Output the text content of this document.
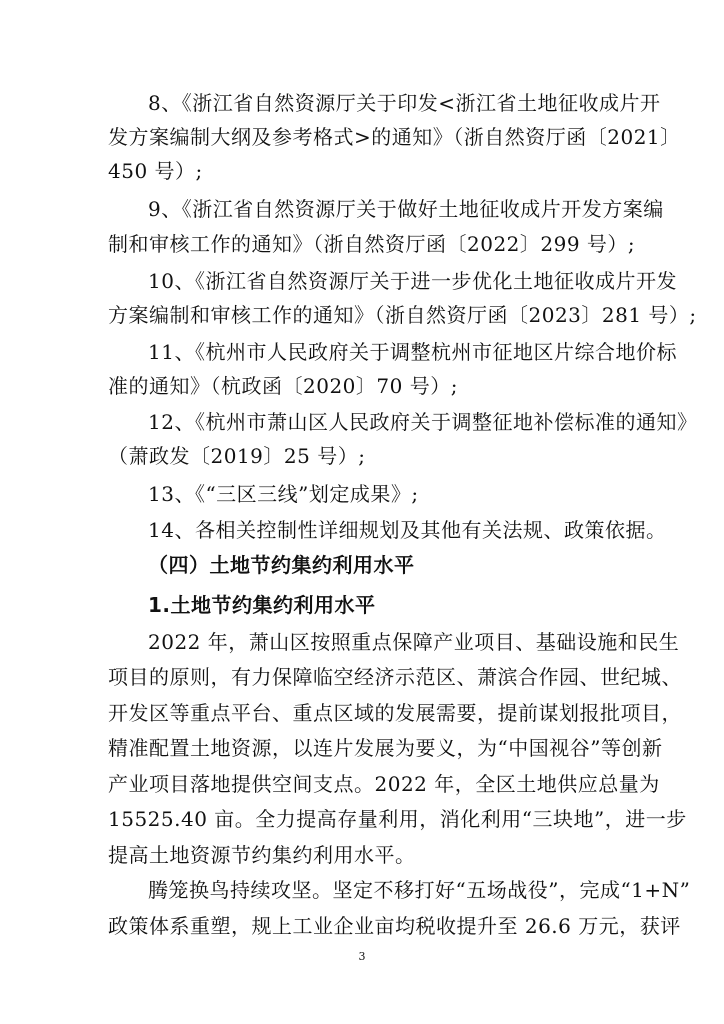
8、《浙江省自然资源厅关于印发<浙江省土地征收成片开
发方案编制大纲及参考格式>的通知》（浙自然资厅函〔2021〕
450 号）;
9、《浙江省自然资源厅关于做好土地征收成片开发方案编
制和审核工作的通知》（浙自然资厅函〔2022〕299 号）;
10、《浙江省自然资源厅关于进一步优化土地征收成片开发
方案编制和审核工作的通知》（浙自然资厅函〔2023〕281 号）;
11、《杭州市人民政府关于调整杭州市征地区片综合地价标
准的通知》（杭政函〔2020〕70 号）;
12、《杭州市萧山区人民政府关于调整征地补偿标准的通知》
（萧政发〔2019〕25 号）;
13、《“三区三线”划定成果》;
14、各相关控制性详细规划及其他有关法规、政策依据。
（四）土地节约集约利用水平
1.土地节约集约利用水平
2022 年，萧山区按照重点保障产业项目、基础设施和民生
项目的原则，有力保障临空经济示范区、萧滨合作园、世纪城、
开发区等重点平台、重点区域的发展需要，提前谋划报批项目，
精准配置土地资源，以连片发展为要义，为“中国视谷”等创新
产业项目落地提供空间支点。2022 年，全区土地供应总量为
15525.40 亩。全力提高存量利用，消化利用“三块地”，进一步
提高土地资源节约集约利用水平。
腾笼换鸟持续攻坚。坚定不移打好“五场战役”，完成“1+N”
政策体系重塑，规上工业企业亩均税收提升至 26.6 万元，获评
3
